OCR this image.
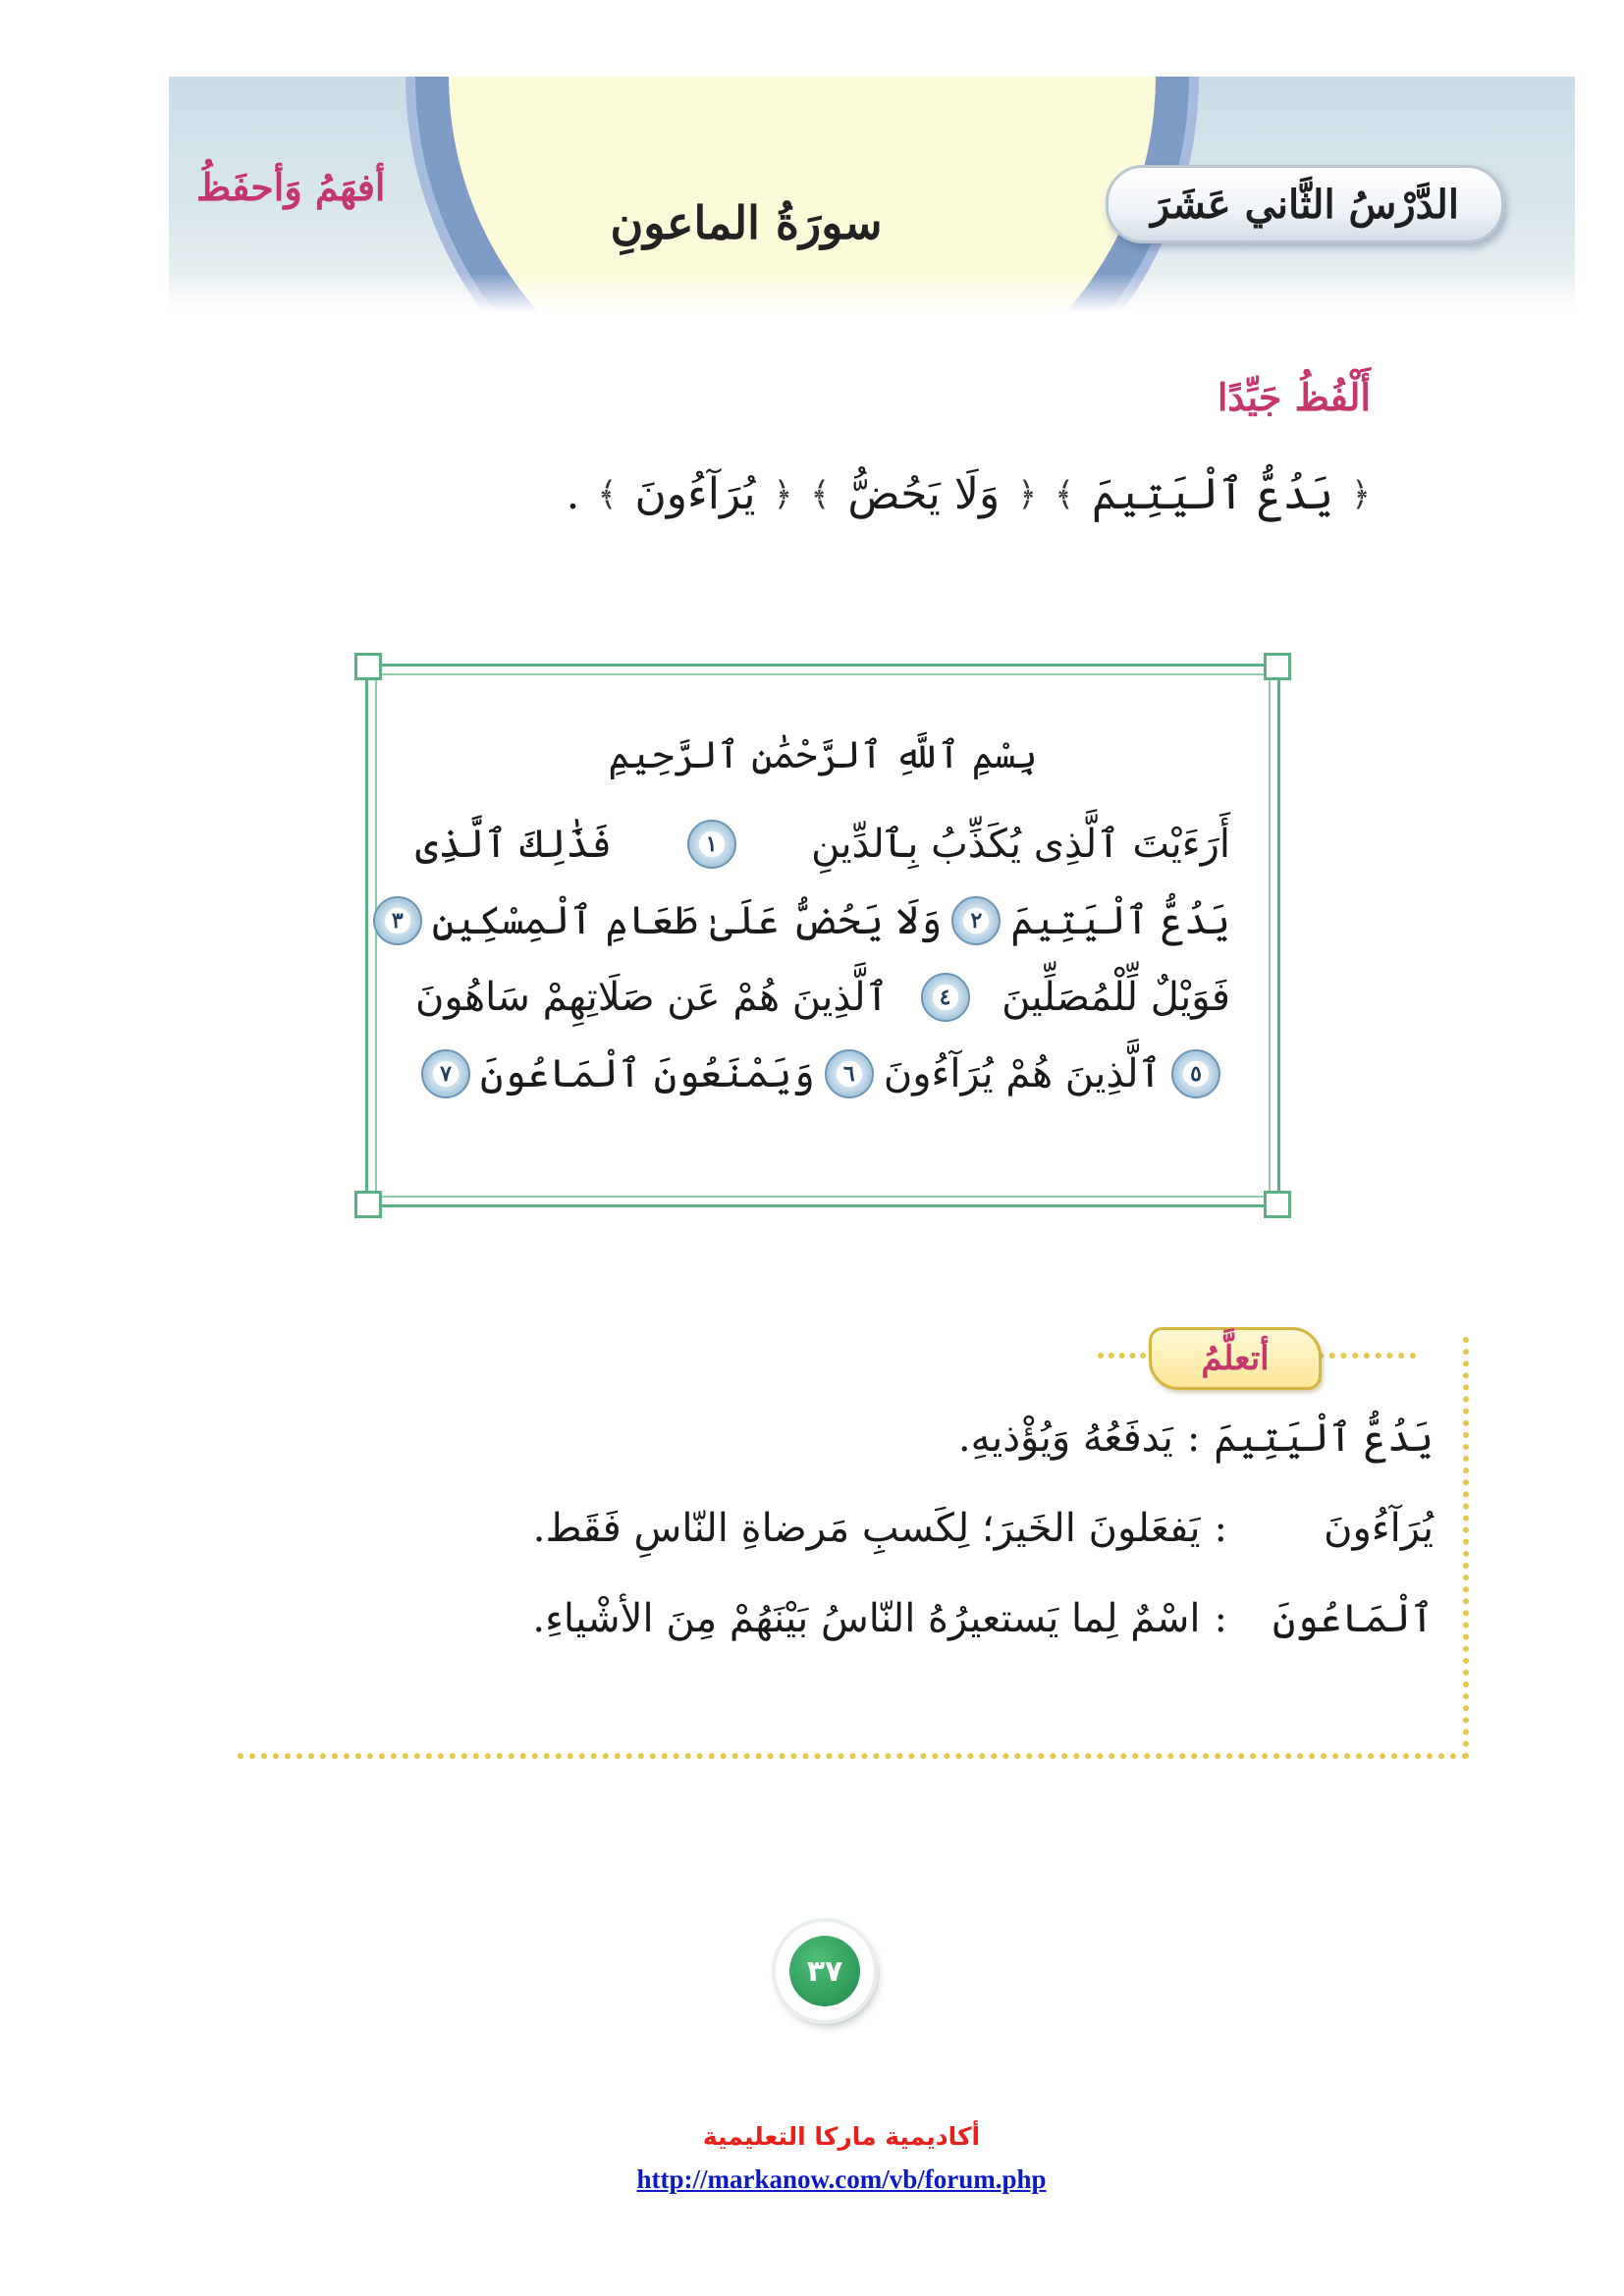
الدَّرْسُ الثَّاني عَشَرَ
سورَةُ الماعونِ
أفهَمُ وَأحفَظُ
أَلْفُظُ جَيِّدًا
﴿
يَدُعُّ ٱلْيَتِيمَ
﴾
﴿
وَلَا يَحُضُّ
﴾
﴿
يُرَآءُونَ
﴾
.
بِسْمِ ٱللَّهِ ٱلرَّحْمَٰنِ ٱلرَّحِيمِ
أَرَءَيْتَ ٱلَّذِى يُكَذِّبُ بِٱلدِّينِ
١
فَذَٰلِكَ ٱلَّذِى
يَدُعُّ ٱلْيَتِيمَ
٢
وَلَا يَحُضُّ عَلَىٰ طَعَامِ ٱلْمِسْكِينِ
٣
فَوَيْلٌ لِّلْمُصَلِّينَ
٤
ٱلَّذِينَ هُمْ عَن صَلَاتِهِمْ سَاهُونَ
٥
ٱلَّذِينَ هُمْ يُرَآءُونَ
٦
وَيَمْنَعُونَ ٱلْمَاعُونَ
٧
أتعلَّمُ
يَدُعُّ ٱلْيَتِيمَ
:
يَدفَعُهُ وَيُؤْذيهِ.
يُرَآءُونَ
:
يَفعَلونَ الخَيرَ؛ لِكَسبِ مَرضاةِ النّاسِ فَقَط.
ٱلْمَاعُونَ
:
اسْمٌ لِما يَستعيرُهُ النّاسُ بَيْنَهُمْ مِنَ الأشْياءِ.
٣٧
أكاديمية ماركا التعليمية
http://markanow.com/vb/forum.php
